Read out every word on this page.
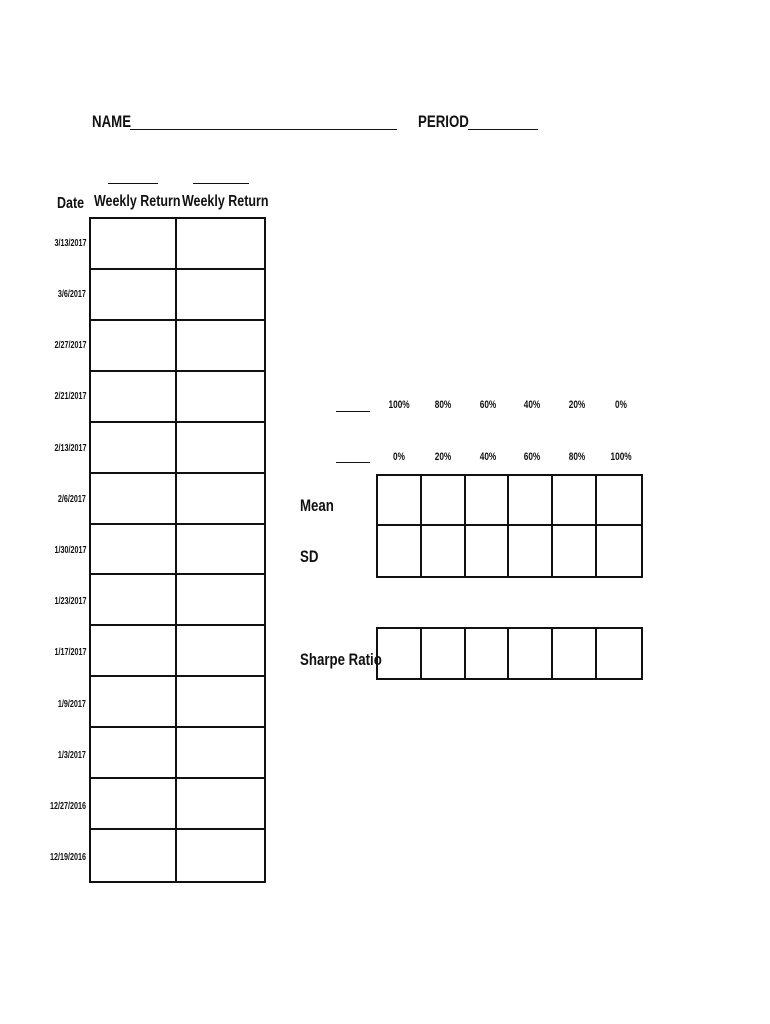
NAME	PERIOD
Date Weekly Return Weekly Return
3/13/2017
3/6/2017
2/27/2017
2/21/2017
2/13/2017
2/6/2017
1/30/2017
1/23/2017
1/17/2017
1/9/2017
1/3/2017
12/27/2016
12/19/2016
100%	80%	60%	40%	20%	0%
0%	20%	40%	60%	80%	100%
Mean
SD
Sharpe Ratio
